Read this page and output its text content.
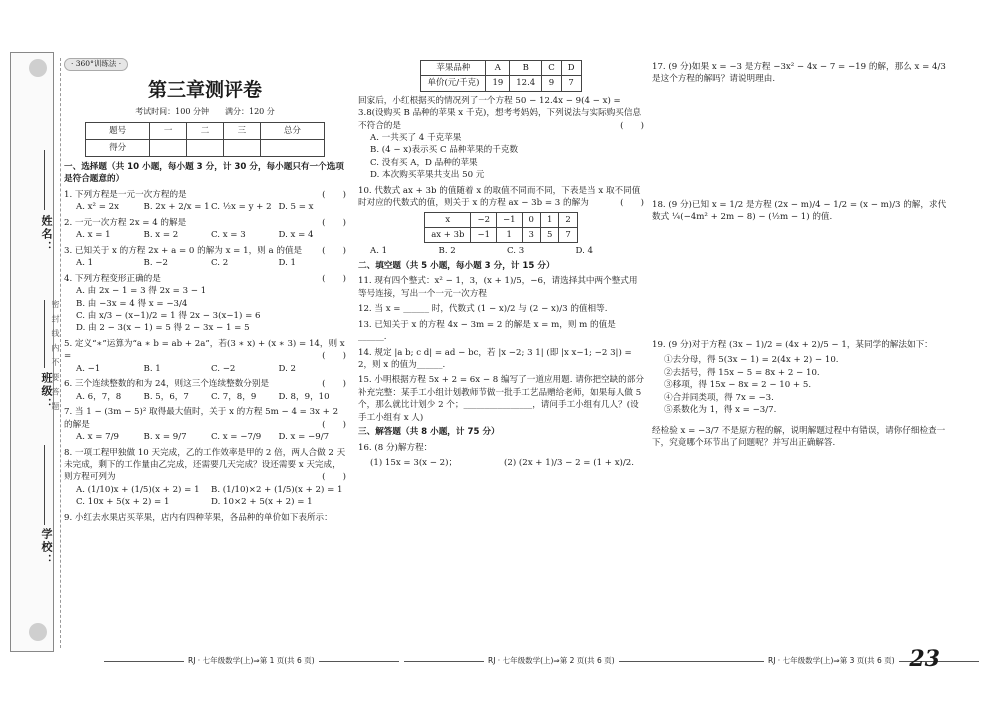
姓名：
班级：
学校：
密 封 线 内 不 要 答 题
· 360°训练法 ·
第三章测评卷
考试时间：100 分钟　　满分：120 分
题号	一	二	三	总分
得分				
一、选择题（共 10 小题，每小题 3 分，计 30 分，每小题只有一个选项是符合题意的）
(　　)
1. 下列方程是一元一次方程的是
A. x² = 2x	B. 2x + 2/x = 1 C. ½x = y + 2 D. 5 = x
(　　)
2. 一元一次方程 2x = 4 的解是
A. x = 1	B. x = 2	C. x = 3	D. x = 4
(　　)
3. 已知关于 x 的方程 2x + a = 0 的解为 x = 1，则 a 的值是
A. 1	B. −2	C. 2	D. 1
(　　)
4. 下列方程变形正确的是
A. 由 2x − 1 = 3 得 2x = 3 − 1
B. 由 −3x = 4 得 x = −3/4
C. 由 x/3 − (x−1)/2 = 1 得 2x − 3(x−1) = 6
D. 由 2 − 3(x − 1) = 5 得 2 − 3x − 1 = 5
5. 定义“∗”运算为“a ∗ b = ab + 2a”，若(3 ∗ x) + (x ∗ 3) = 14，则 x =	(　　)
A. −1	B. 1	C. −2	D. 2
(　　)
6. 三个连续整数的和为 24，则这三个连续整数分别是
A. 6，7，8	B. 5，6，7	C. 7，8，9	D. 8，9，10
7. 当 1 − (3m − 5)² 取得最大值时，关于 x 的方程 5m − 4 = 3x + 2 的解是	(　　)
A. x = 7/9	B. x = 9/7	C. x = −7/9	D. x = −9/7
8. 一项工程甲独做 10 天完成，乙的工作效率是甲的 2 倍，两人合做 2 天未完成，剩下的工作量由乙完成，还需要几天完成？设还需要 x 天完成，则方程可列为	(　　)
A. (1/10)x + (1/5)(x + 2) = 1	B. (1/10)×2 + (1/5)(x + 2) = 1
C. 10x + 5(x + 2) = 1	D. 10×2 + 5(x + 2) = 1
9. 小红去水果店买苹果，店内有四种苹果，各品种的单价如下表所示：
苹果品种	A	B	C	D
单价(元/千克)	19	12.4	9	7
回家后，小红根据买的情况列了一个方程 50 − 12.4x − 9(4 − x) = 3.8(设购买 B 品种的苹果 x 千克)，想考考妈妈，下列说法与实际购买信息不符合的是	(　　)
A. 一共买了 4 千克苹果
B. (4 − x)表示买 C 品种苹果的千克数
C. 没有买 A，D 品种的苹果
D. 本次购买苹果共支出 50 元
10. 代数式 ax + 3b 的值随着 x 的取值不同而不同，下表是当 x 取不同值时对应的代数式的值，则关于 x 的方程 ax − 3b = 3 的解为	(　　)
x	−2	−1	0	1	2
ax + 3b	−1	1	3	5	7
A. 1	B. 2	C. 3	D. 4
二、填空题（共 5 小题，每小题 3 分，计 15 分）
11. 现有四个整式：x² − 1，3，(x + 1)/5，−6，请选择其中两个整式用等号连接，写出一个一元一次方程
12. 当 x = ______ 时，代数式 (1 − x)/2 与 (2 − x)/3 的值相等.
13. 已知关于 x 的方程 4x − 3m = 2 的解是 x = m，则 m 的值是______.
14. 规定 |a b; c d| = ad − bc，若 |x −2; 3 1| (即 |x x−1; −2 3|) = 2，则 x 的值为______.
15. 小明根据方程 5x + 2 = 6x − 8 编写了一道应用题. 请你把空缺的部分补充完整：某手工小组计划教师节做一批手工艺品赠给老师，如果每人做 5 个，那么就比计划少 2 个；________________，请问手工小组有几人？(设手工小组有 x 人)
三、解答题（共 8 小题，计 75 分）
16. (8 分)解方程：
(1) 15x = 3(x − 2)；	(2) (2x + 1)/3 − 2 = (1 + x)/2.
17. (9 分)如果 x = −3 是方程 −3x² − 4x − 7 = −19 的解，那么 x = 4/3 是这个方程的解吗？请说明理由.
18. (9 分)已知 x = 1/2 是方程 (2x − m)/4 − 1/2 = (x − m)/3 的解，求代数式 ¼(−4m² + 2m − 8) − (½m − 1) 的值.
19. (9 分)对于方程 (3x − 1)/2 = (4x + 2)/5 − 1，某同学的解法如下：
①去分母，得 5(3x − 1) = 2(4x + 2) − 10.
②去括号，得 15x − 5 = 8x + 2 − 10.
③移项，得 15x − 8x = 2 − 10 + 5.
④合并同类项，得 7x = −3.
⑤系数化为 1，得 x = −3/7.
经检验 x = −3/7 不是原方程的解，说明解题过程中有错误，请你仔细检查一下，究竟哪个环节出了问题呢？并写出正确解答.
RJ · 七年级数学(上)⇒第 1 页(共 6 页)	RJ · 七年级数学(上)⇒第 2 页(共 6 页)	RJ · 七年级数学(上)⇒第 3 页(共 6 页) 23
